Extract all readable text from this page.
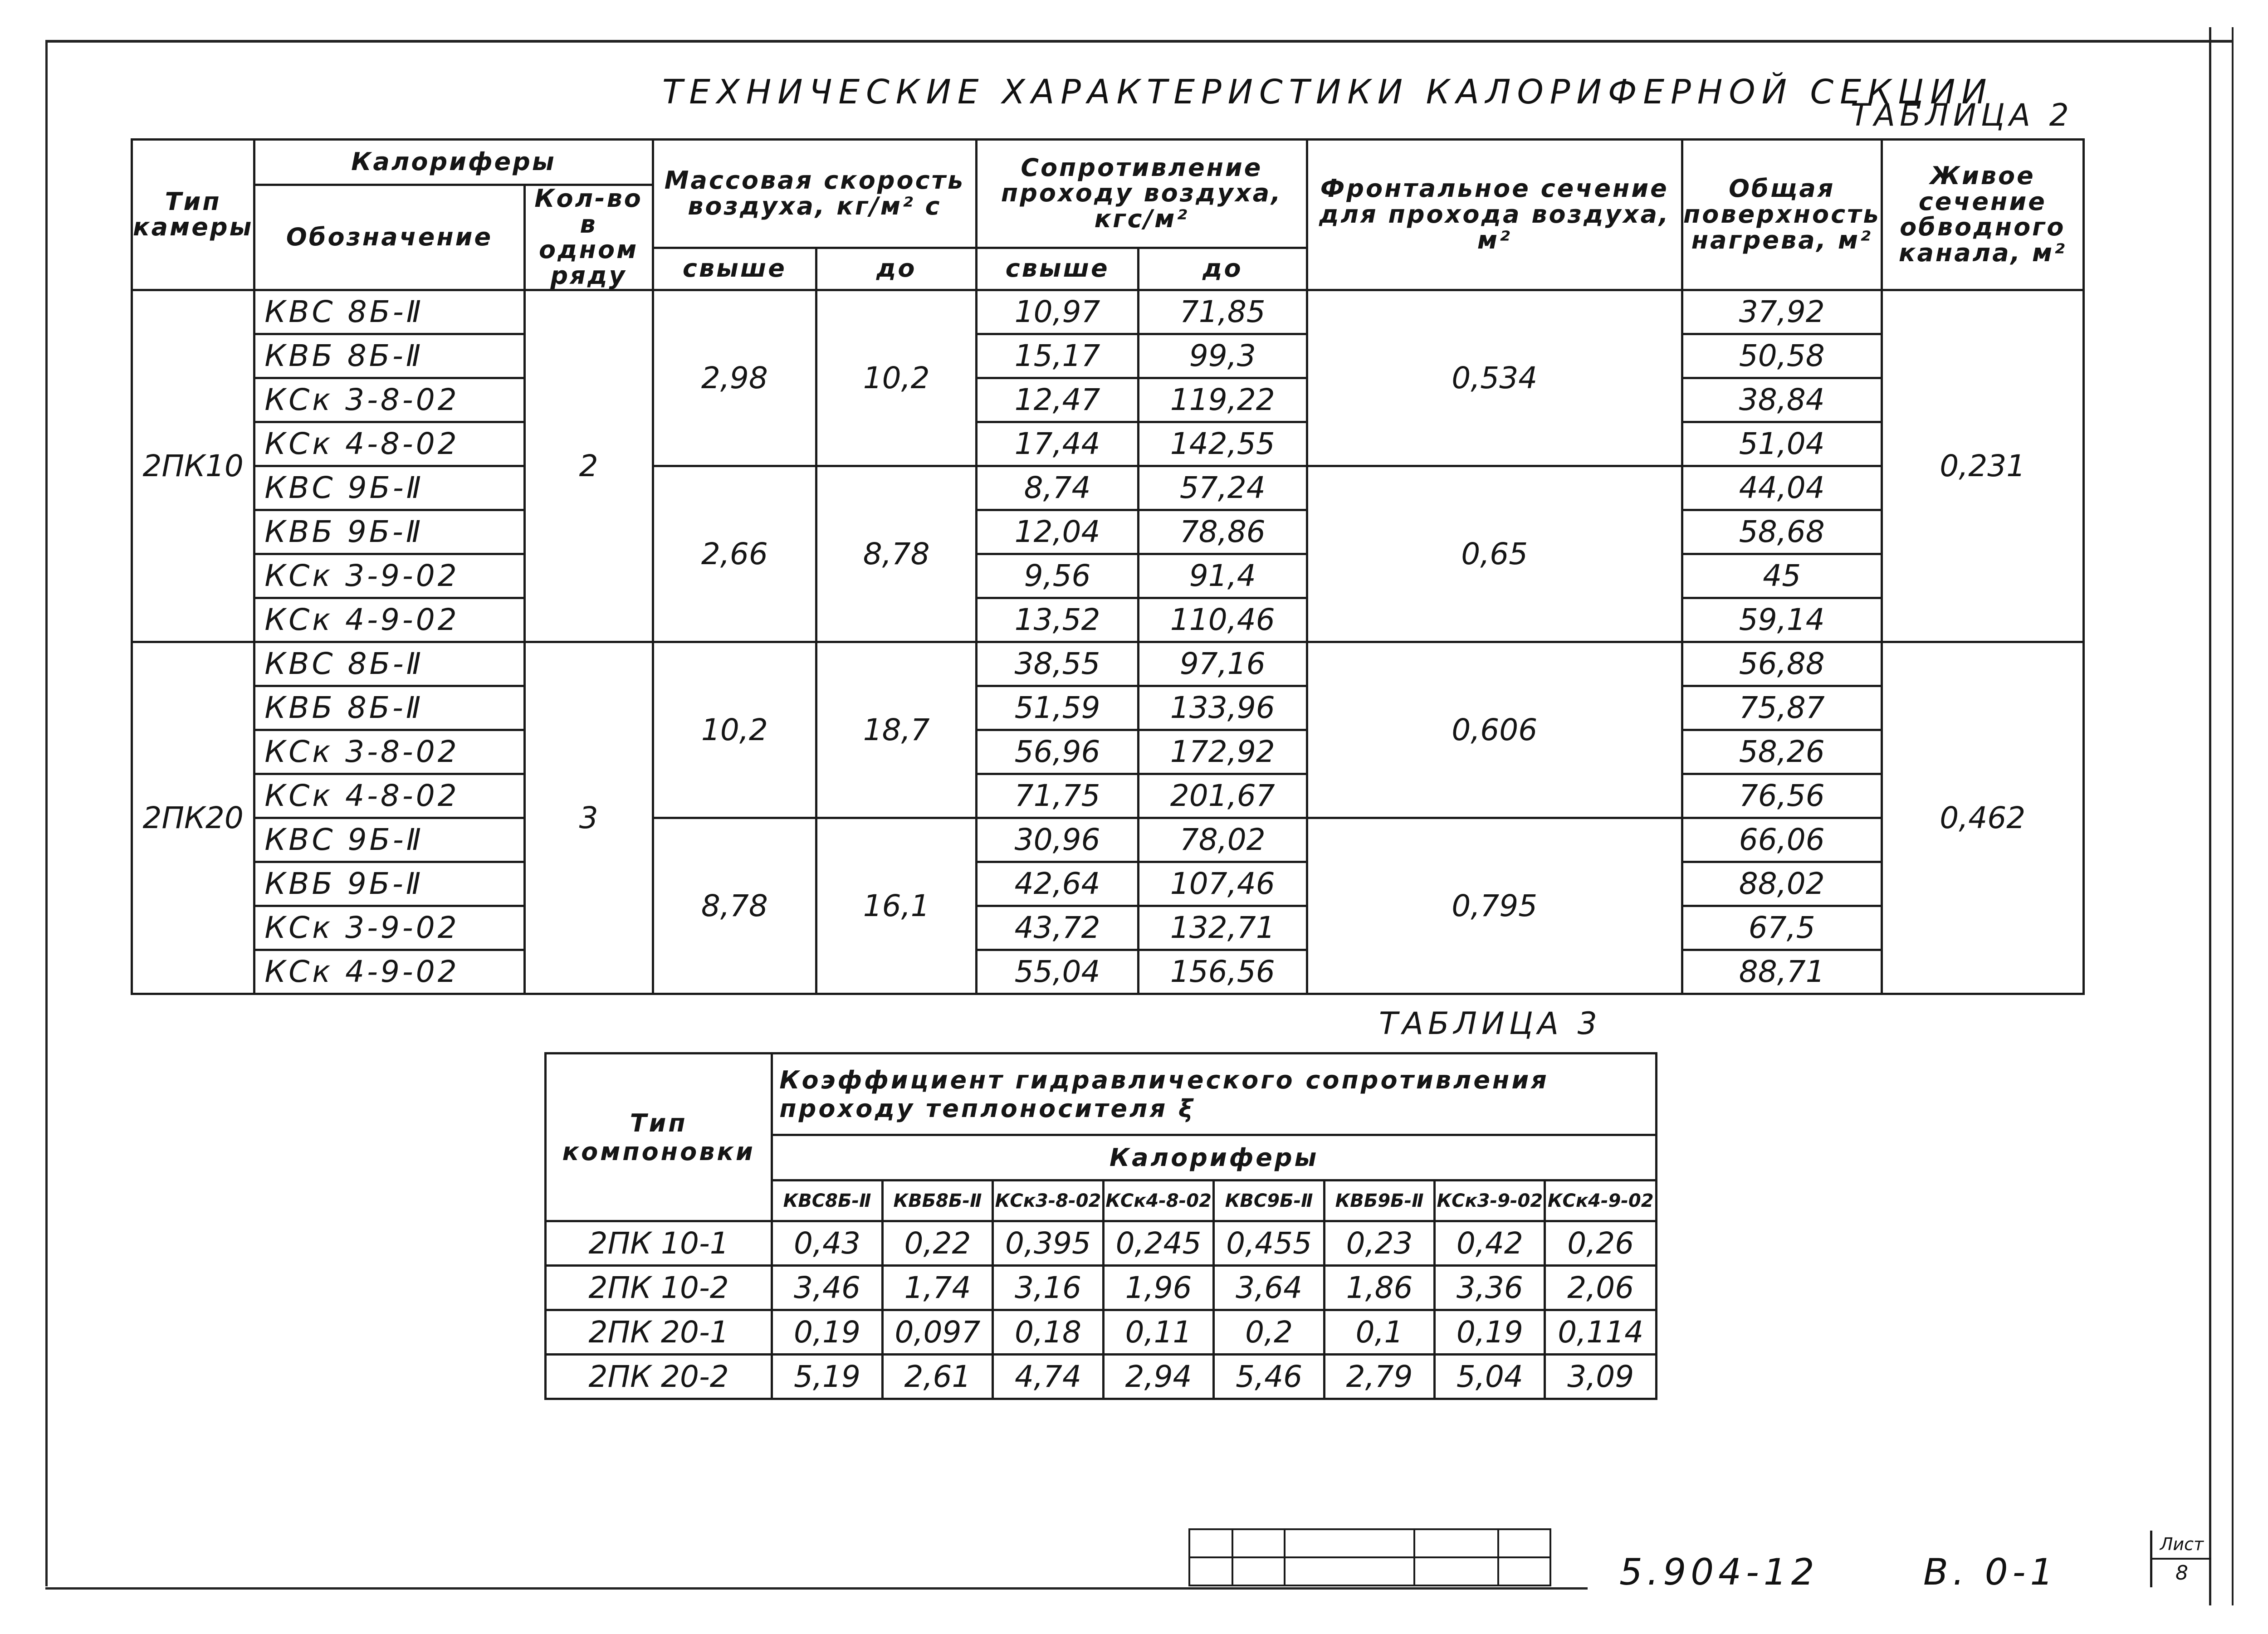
ТЕХНИЧЕСКИЕ ХАРАКТЕРИСТИКИ КАЛОРИФЕРНОЙ СЕКЦИИ
ТАБЛИЦА 2
Тип камеры	Калориферы		Массовая скорость воздуха, кг/м² с		Сопротивление проходу воздуха, кгс/м²		Фронтальное сечение для прохода воздуха, м²	Общая поверхность нагрева, м²	Живое сечение обводного канала, м²
	Обозначение	Кол-во в одном ряду							
			свыше	до	свыше	до			
2ПК10	КВС 8Б-Ⅱ	2	2,98	10,2	10,97	71,85	0,534	37,92	0,231
	КВБ 8Б-Ⅱ				15,17	99,3		50,58	
	КСк 3-8-02				12,47	119,22		38,84	
	КСк 4-8-02				17,44	142,55		51,04	
	КВС 9Б-Ⅱ		2,66	8,78	8,74	57,24	0,65	44,04	
	КВБ 9Б-Ⅱ				12,04	78,86		58,68	
	КСк 3-9-02				9,56	91,4		45	
	КСк 4-9-02				13,52	110,46		59,14	
2ПК20	КВС 8Б-Ⅱ	3	10,2	18,7	38,55	97,16	0,606	56,88	0,462
	КВБ 8Б-Ⅱ				51,59	133,96		75,87	
	КСк 3-8-02				56,96	172,92		58,26	
	КСк 4-8-02				71,75	201,67		76,56	
	КВС 9Б-Ⅱ		8,78	16,1	30,96	78,02	0,795	66,06	
	КВБ 9Б-Ⅱ				42,64	107,46		88,02	
	КСк 3-9-02				43,72	132,71		67,5	
	КСк 4-9-02				55,04	156,56		88,71	
ТАБЛИЦА 3
Тип компоновки	Коэффициент гидравлического сопротивления проходу теплоносителя ξ							
	Калориферы							
	КВС8Б-Ⅱ	КВБ8Б-Ⅱ	КСк3-8-02	КСк4-8-02	КВС9Б-Ⅱ	КВБ9Б-Ⅱ	КСк3-9-02	КСк4-9-02
2ПК 10-1	0,43	0,22	0,395	0,245	0,455	0,23	0,42	0,26
2ПК 10-2	3,46	1,74	3,16	1,96	3,64	1,86	3,36	2,06
2ПК 20-1	0,19	0,097	0,18	0,11	0,2	0,1	0,19	0,114
2ПК 20-2	5,19	2,61	4,74	2,94	5,46	2,79	5,04	3,09

5.904-12	В. 0-1
Лист
8
